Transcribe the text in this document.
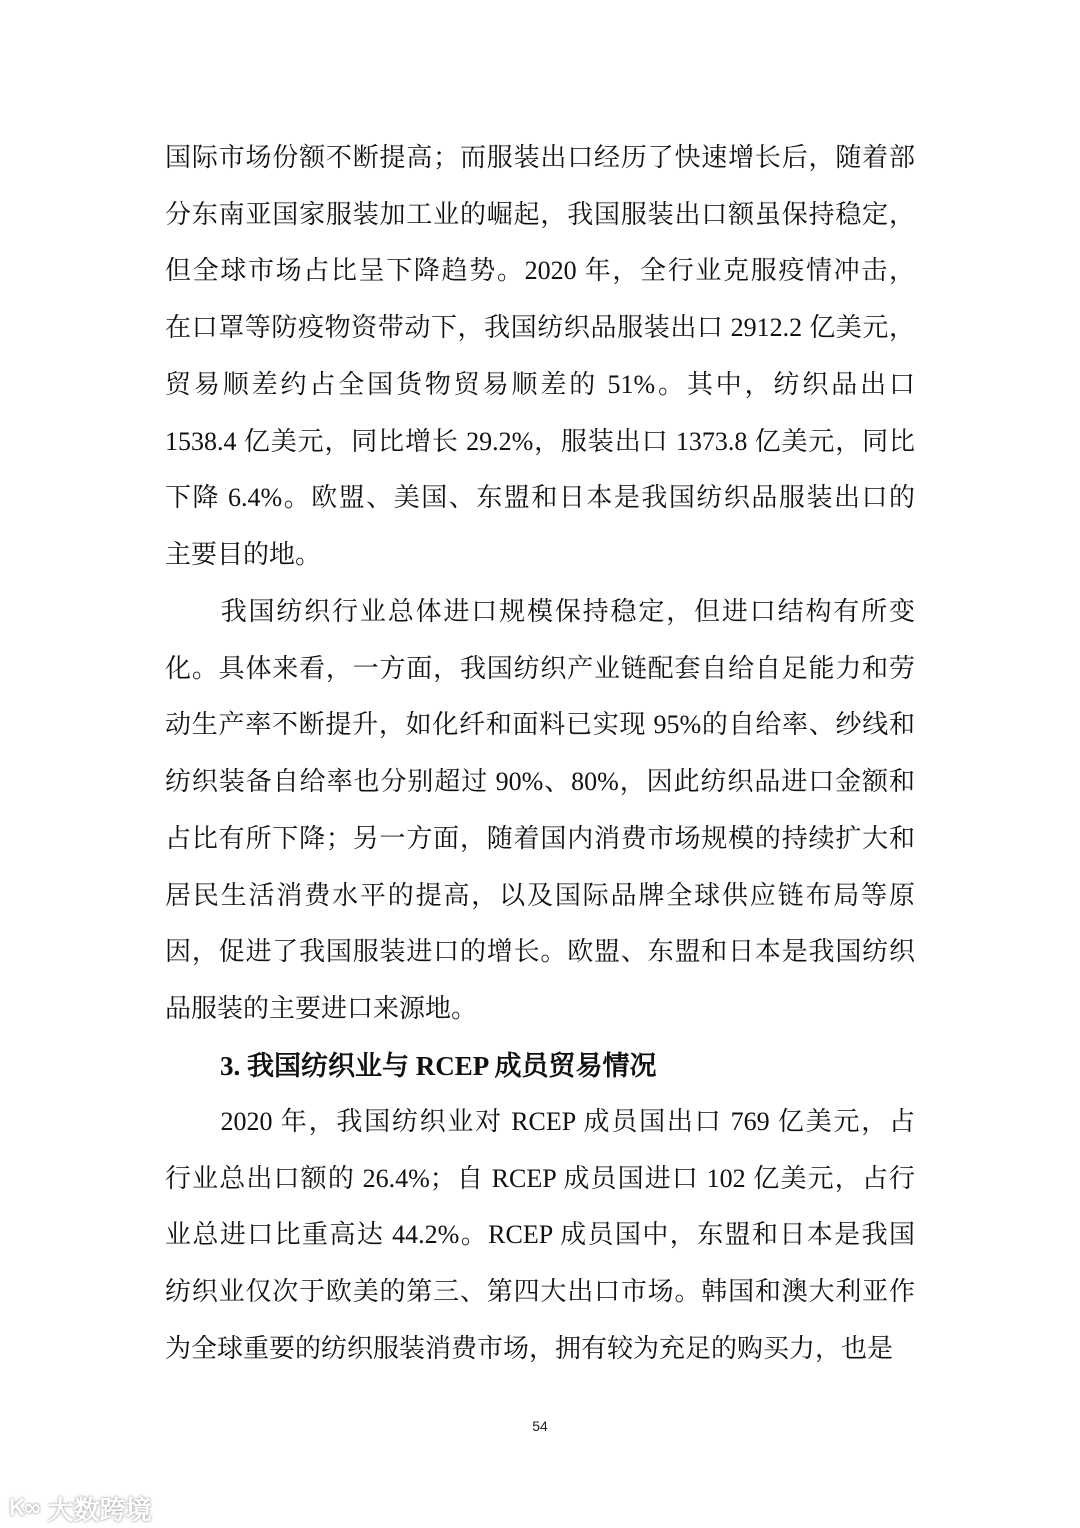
国际市场份额不断提高；而服装出口经历了快速增长后，随着部
分东南亚国家服装加工业的崛起，我国服装出口额虽保持稳定，
但全球市场占比呈下降趋势。2020 年，全行业克服疫情冲击，
在口罩等防疫物资带动下，我国纺织品服装出口 2912.2 亿美元，
贸易顺差约占全国货物贸易顺差的 51%。其中，纺织品出口
1538.4 亿美元，同比增长 29.2%，服装出口 1373.8 亿美元，同比
下降 6.4%。欧盟、美国、东盟和日本是我国纺织品服装出口的
主要目的地。
　　我国纺织行业总体进口规模保持稳定，但进口结构有所变
化。具体来看，一方面，我国纺织产业链配套自给自足能力和劳
动生产率不断提升，如化纤和面料已实现 95%的自给率、纱线和
纺织装备自给率也分别超过 90%、80%，因此纺织品进口金额和
占比有所下降；另一方面，随着国内消费市场规模的持续扩大和
居民生活消费水平的提高，以及国际品牌全球供应链布局等原
因，促进了我国服装进口的增长。欧盟、东盟和日本是我国纺织
品服装的主要进口来源地。
　　2020 年，我国纺织业对 RCEP 成员国出口 769 亿美元，占
行业总出口额的 26.4%；自 RCEP 成员国进口 102 亿美元，占行
业总进口比重高达 44.2%。RCEP 成员国中，东盟和日本是我国
纺织业仅次于欧美的第三、第四大出口市场。韩国和澳大利亚作
为全球重要的纺织服装消费市场，拥有较为充足的购买力，也是
3. 我国纺织业与 RCEP 成员贸易情况
54
Ꮶ∞ 大数跨境
